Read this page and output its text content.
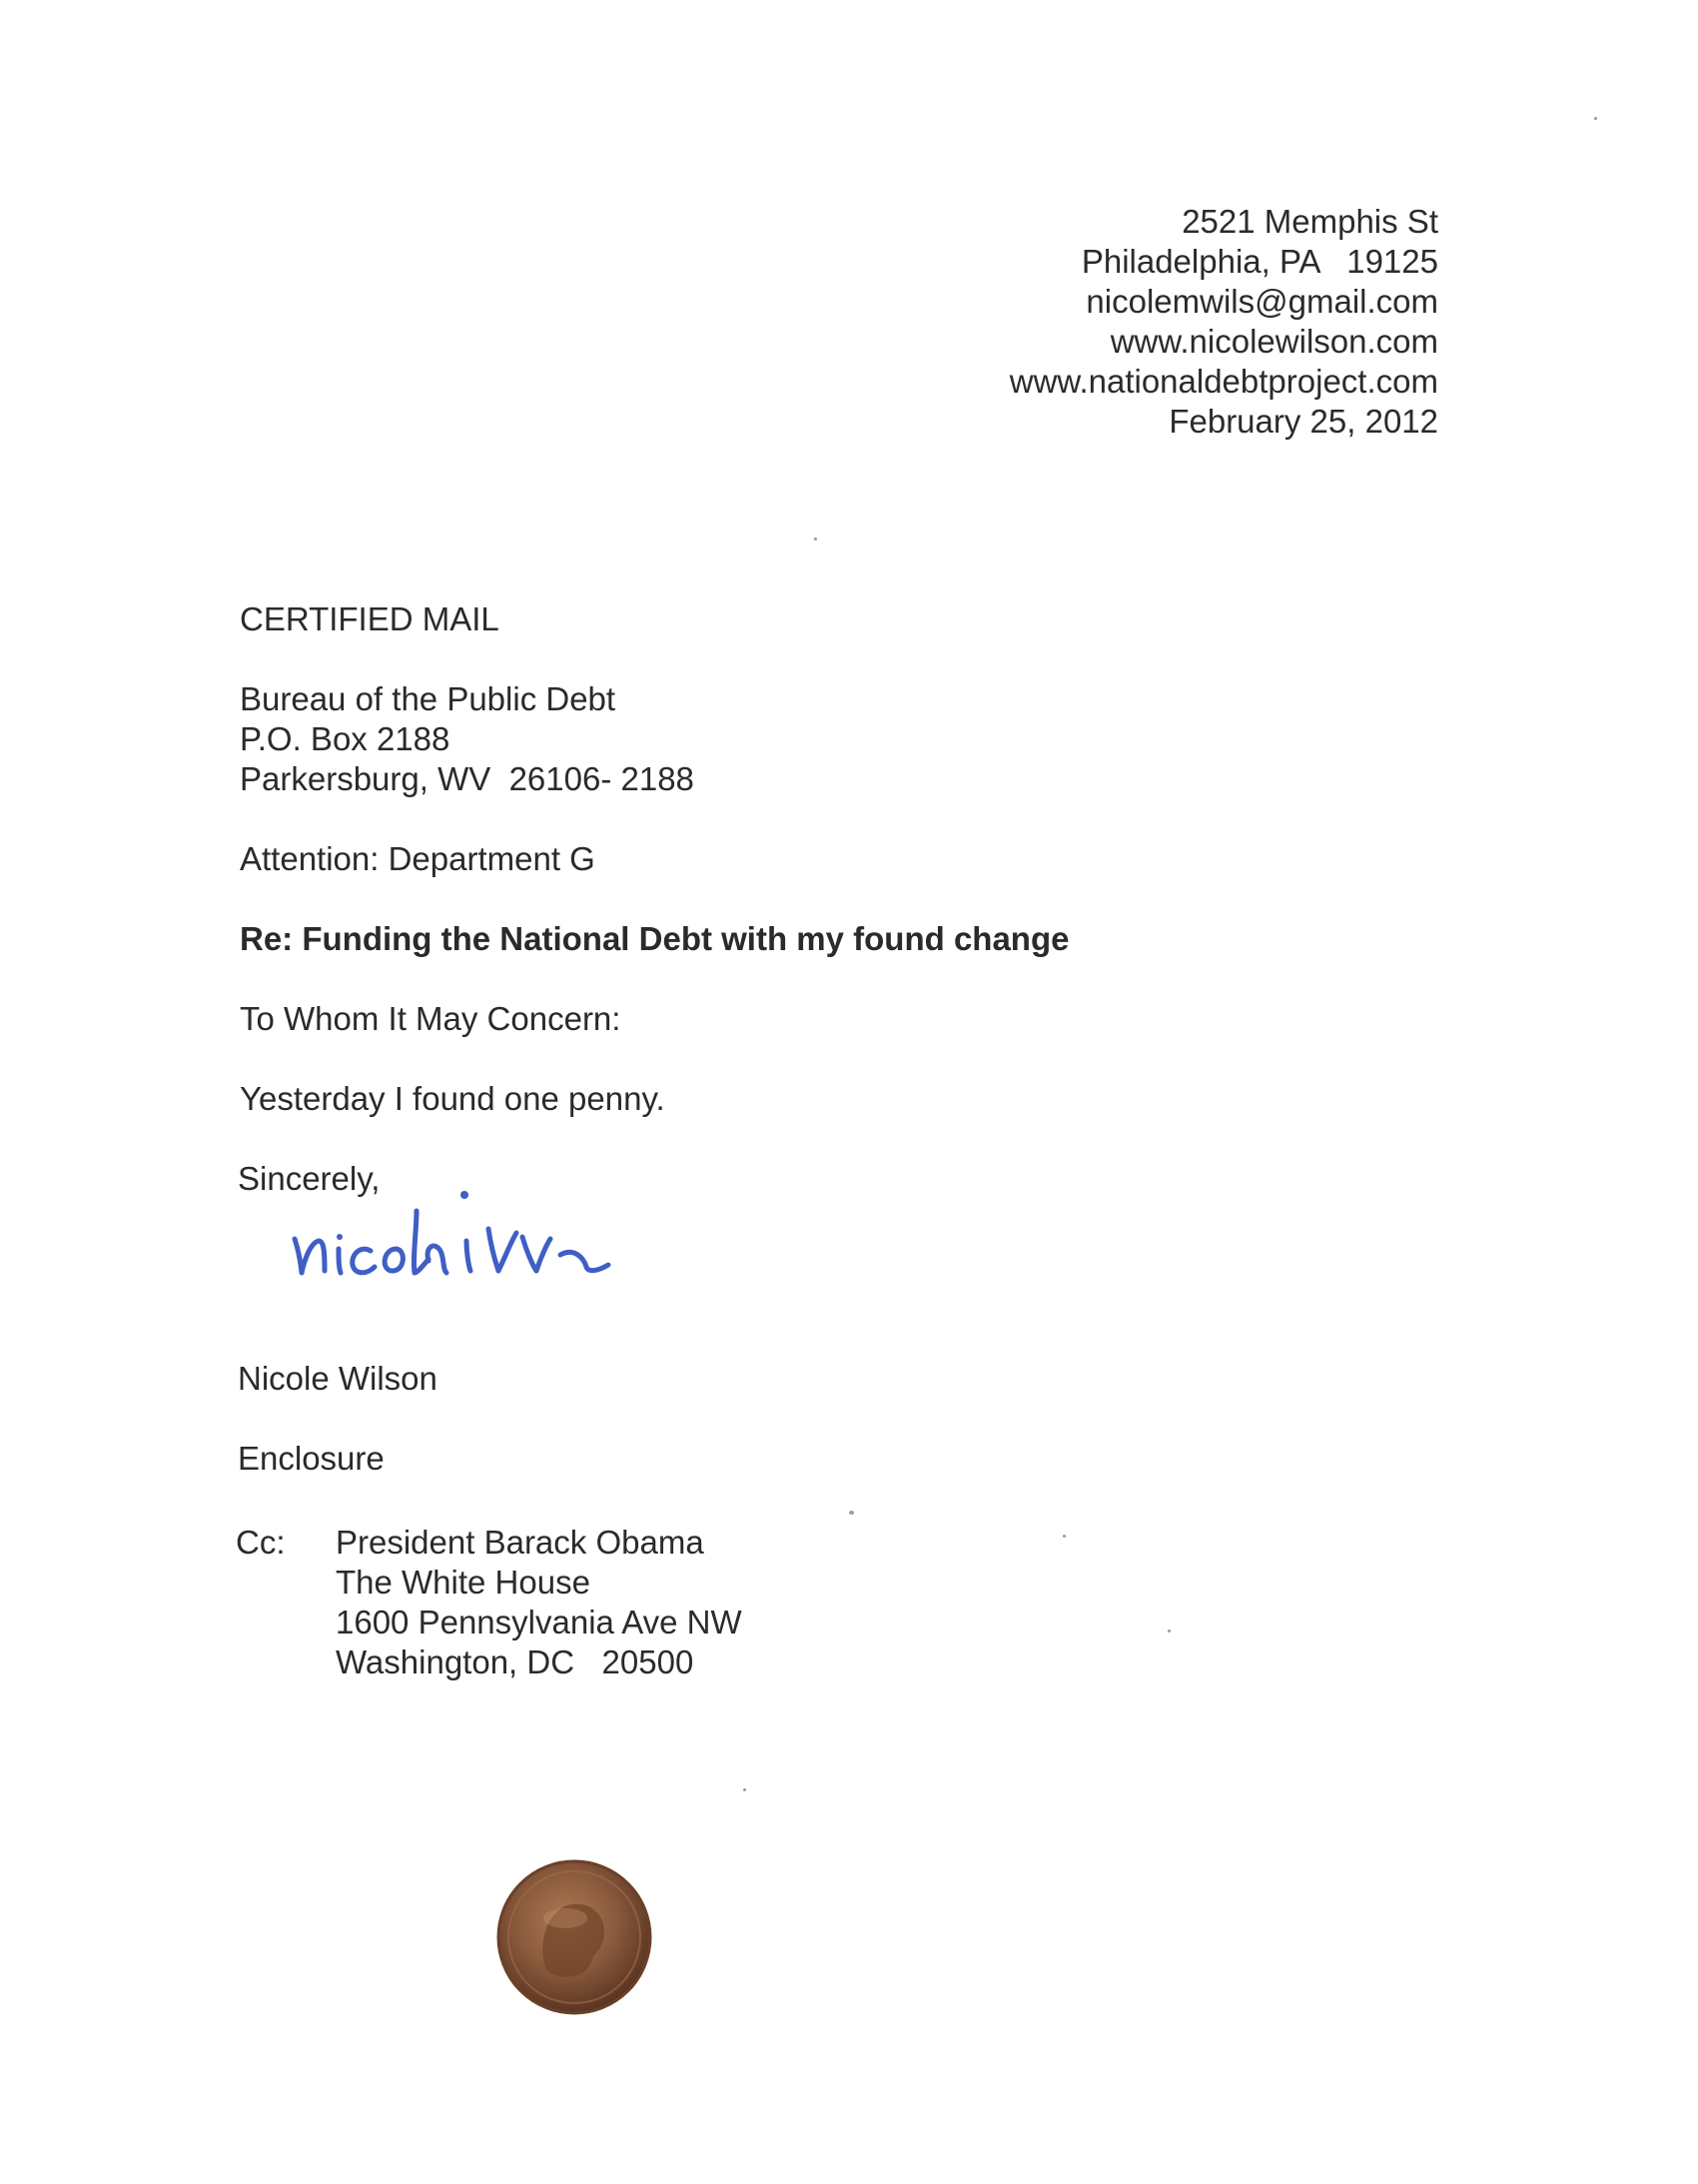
2521 Memphis St
Philadelphia, PA   19125
nicolemwils@gmail.com
www.nicolewilson.com
www.nationaldebtproject.com
February 25, 2012
CERTIFIED MAIL
Bureau of the Public Debt
P.O. Box 2188
Parkersburg, WV  26106- 2188
Attention: Department G
Re: Funding the National Debt with my found change
To Whom It May Concern:
Yesterday I found one penny.
Sincerely,
Nicole Wilson
Enclosure
Cc: President Barack Obama
The White House
1600 Pennsylvania Ave NW
Washington, DC   20500
